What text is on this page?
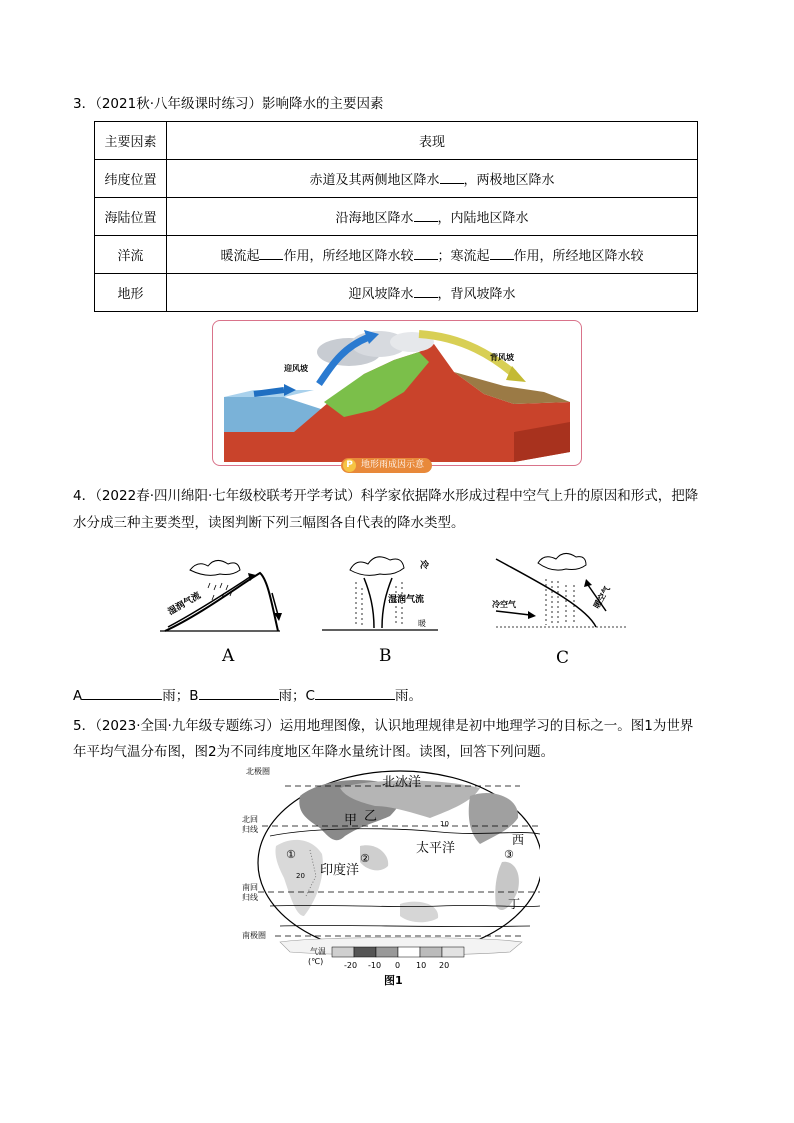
3．（2021秋·八年级课时练习）影响降水的主要因素
主要因素	表现
纬度位置	赤道及其两侧地区降水 ，两极地区降水
海陆位置	沿海地区降水 ，内陆地区降水
洋流	暖流起 作用，所经地区降水较 ；寒流起 作用，所经地区降水较
地形	迎风坡降水 ，背风坡降水
迎风坡
背风坡
P 地形雨成因示意
4．（2022春·四川绵阳·七年级校联考开学考试）科学家依据降水形成过程中空气上升的原因和形式，把降
水分成三种主要类型，读图判断下列三幅图各自代表的降水类型。
湿润气流
A
冷
湿润气流
暖
B
冷空气	暖空气
C
A	雨；B	雨；C	雨。
5．（2023·全国·九年级专题练习）运用地理图像，认识地理规律是初中地理学习的目标之一。图1为世界
年平均气温分布图，图2为不同纬度地区年降水量统计图。读图，回答下列问题。
北极圈
北回
归线
南回
归线
南极圈
北冰洋
太平洋
印度洋
甲 乙
西
丁
①	②	③
10
20
气温
(℃)	-20 -10 0 10 20
图1
